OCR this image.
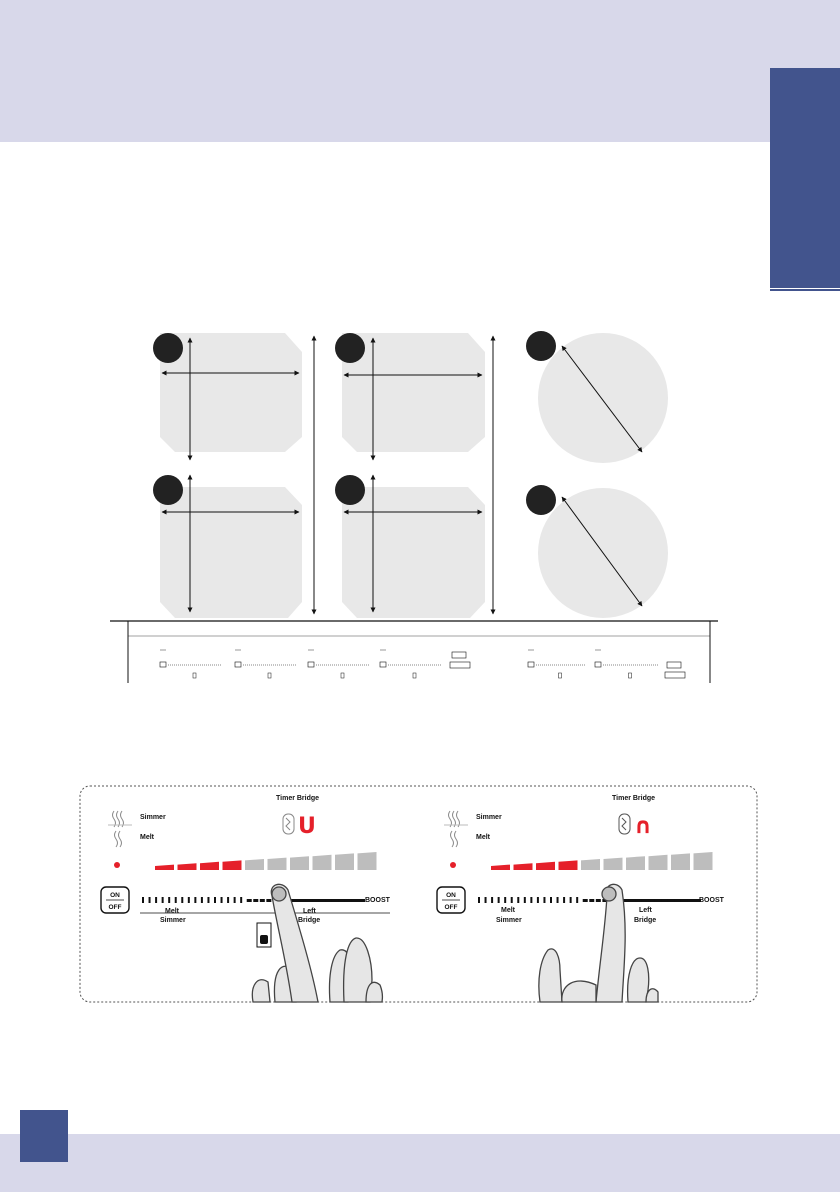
Simmer
Melt
Timer Bridge
U
ON
OFF
BOOST
Melt
Simmer
Left
Bridge
Simmer
Melt
Timer Bridge
∩
ON
OFF
BOOST
Melt
Simmer
Left
Bridge
